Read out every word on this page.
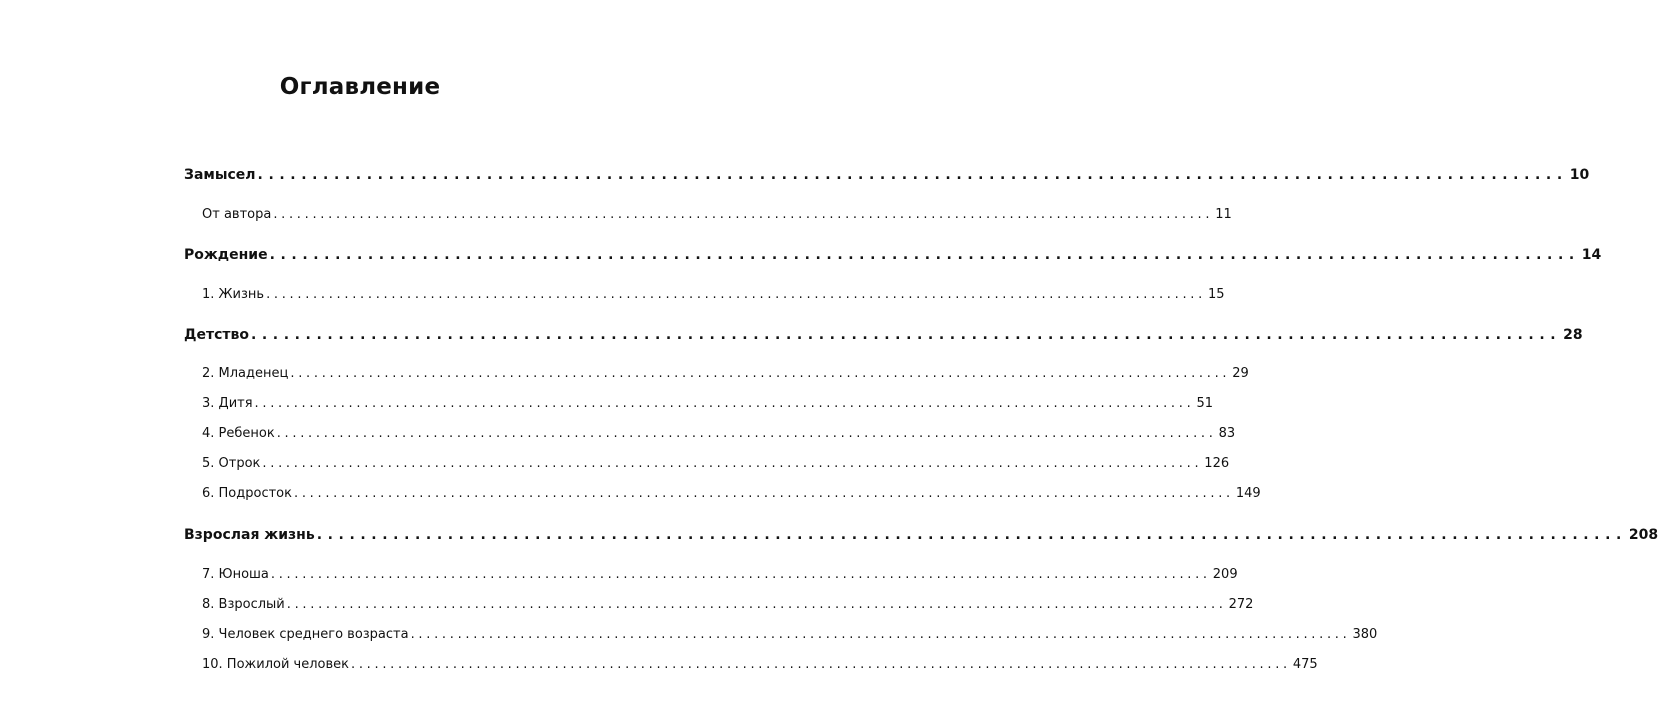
Оглавление
Замысел ........................................................................................................................ 10
От автора ........................................................................................................................ 11
Рождение ........................................................................................................................ 14
1. Жизнь ........................................................................................................................ 15
Детство ........................................................................................................................ 28
2. Младенец ........................................................................................................................ 29
3. Дитя ........................................................................................................................ 51
4. Ребенок ........................................................................................................................ 83
5. Отрок ........................................................................................................................ 126
6. Подросток ........................................................................................................................ 149
Взрослая жизнь ........................................................................................................................ 208
7. Юноша ........................................................................................................................ 209
8. Взрослый ........................................................................................................................ 272
9. Человек среднего возраста ........................................................................................................................ 380
10. Пожилой человек ........................................................................................................................ 475
